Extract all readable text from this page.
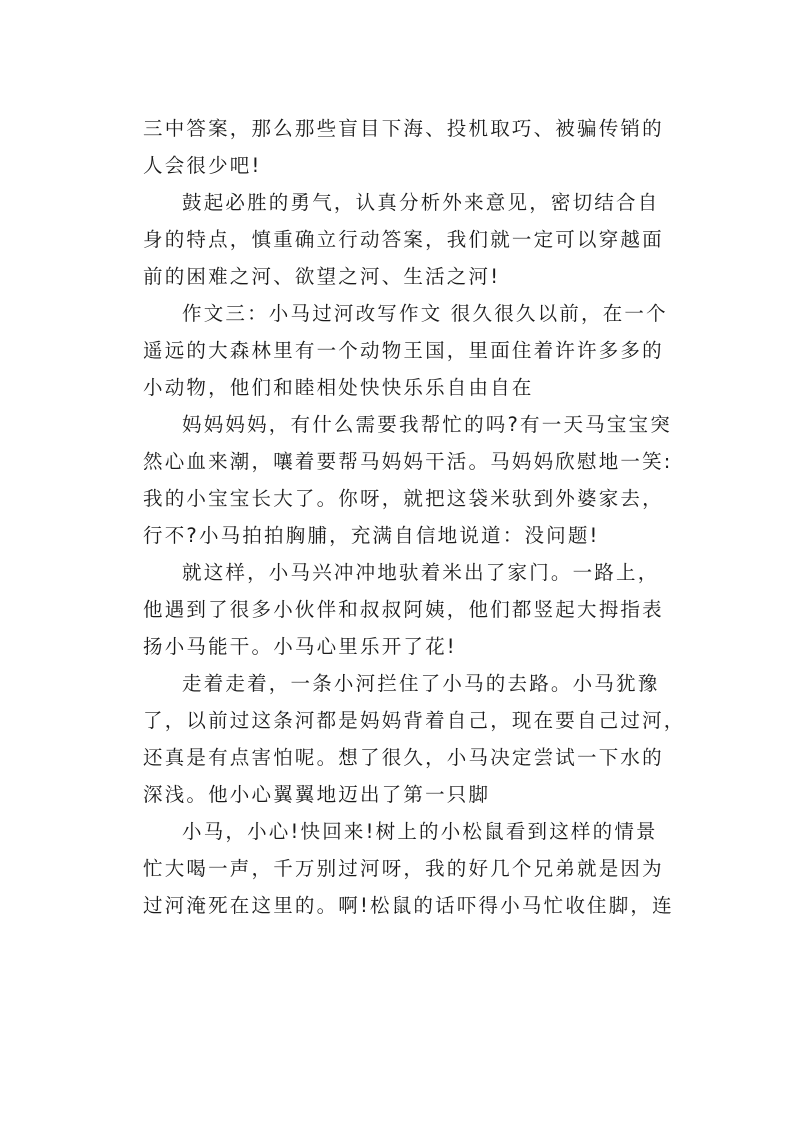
三中答案，那么那些盲目下海、投机取巧、被骗传销的
人会很少吧!
鼓起必胜的勇气，认真分析外来意见，密切结合自
身的特点，慎重确立行动答案，我们就一定可以穿越面
前的困难之河、欲望之河、生活之河!
作文三：小马过河改写作文 很久很久以前，在一个
遥远的大森林里有一个动物王国，里面住着许许多多的
小动物，他们和睦相处快快乐乐自由自在
妈妈妈妈，有什么需要我帮忙的吗?有一天马宝宝突
然心血来潮，嚷着要帮马妈妈干活。马妈妈欣慰地一笑:
我的小宝宝长大了。你呀，就把这袋米驮到外婆家去，
行不?小马拍拍胸脯，充满自信地说道：没问题!
就这样，小马兴冲冲地驮着米出了家门。一路上，
他遇到了很多小伙伴和叔叔阿姨，他们都竖起大拇指表
扬小马能干。小马心里乐开了花!
走着走着，一条小河拦住了小马的去路。小马犹豫
了，以前过这条河都是妈妈背着自己，现在要自己过河，
还真是有点害怕呢。想了很久，小马决定尝试一下水的
深浅。他小心翼翼地迈出了第一只脚
小马，小心!快回来!树上的小松鼠看到这样的情景
忙大喝一声，千万别过河呀，我的好几个兄弟就是因为
过河淹死在这里的。啊!松鼠的话吓得小马忙收住脚，连
